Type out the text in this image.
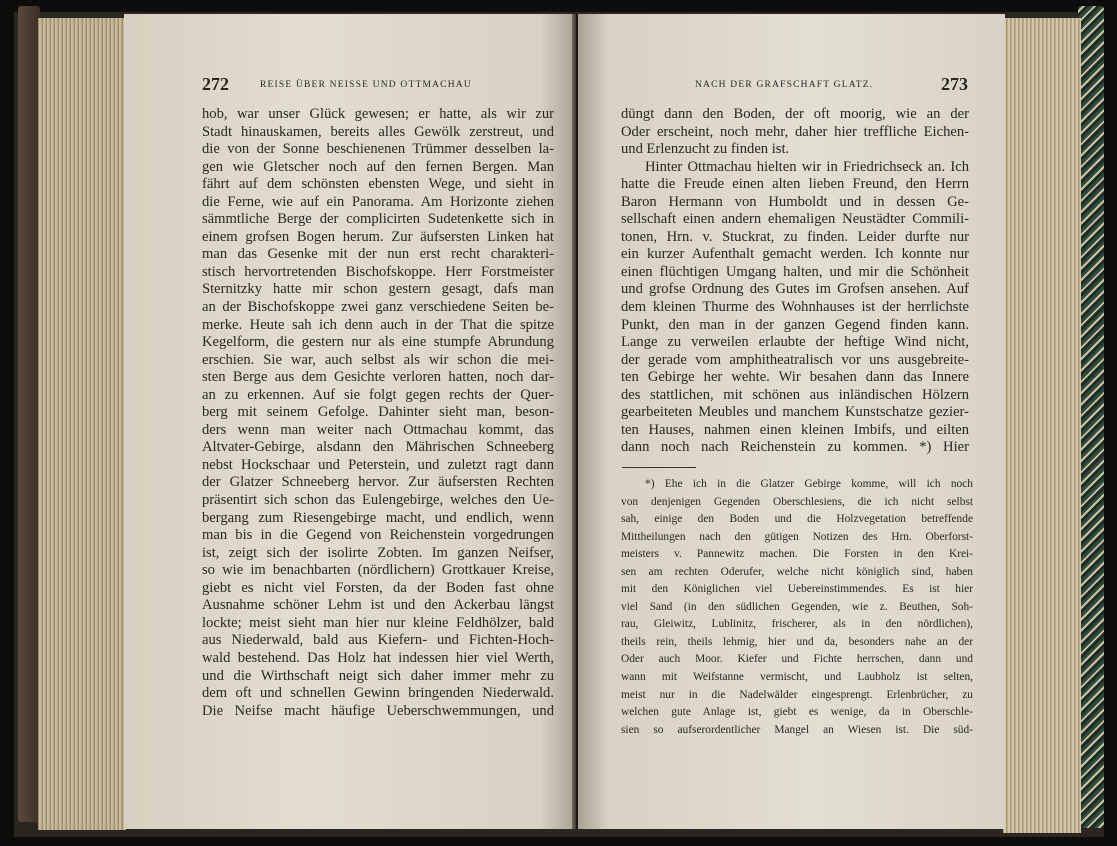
272	REISE ÜBER NEISSE UND OTTMACHAU
hob, war unser Glück gewesen; er hatte, als wir zur
Stadt hinauskamen, bereits alles Gewölk zerstreut, und
die von der Sonne beschienenen Trümmer desselben la-
gen wie Gletscher noch auf den fernen Bergen. Man
fährt auf dem schönsten ebensten Wege, und sieht in
die Ferne, wie auf ein Panorama. Am Horizonte ziehen
sämmtliche Berge der complicirten Sudetenkette sich in
einem grofsen Bogen herum. Zur äufsersten Linken hat
man das Gesenke mit der nun erst recht charakteri-
stisch hervortretenden Bischofskoppe. Herr Forstmeister
Sternitzky hatte mir schon gestern gesagt, dafs man
an der Bischofskoppe zwei ganz verschiedene Seiten be-
merke. Heute sah ich denn auch in der That die spitze
Kegelform, die gestern nur als eine stumpfe Abrundung
erschien. Sie war, auch selbst als wir schon die mei-
sten Berge aus dem Gesichte verloren hatten, noch dar-
an zu erkennen. Auf sie folgt gegen rechts der Quer-
berg mit seinem Gefolge. Dahinter sieht man, beson-
ders wenn man weiter nach Ottmachau kommt, das
Altvater-Gebirge, alsdann den Mährischen Schneeberg
nebst Hockschaar und Peterstein, und zuletzt ragt dann
der Glatzer Schneeberg hervor. Zur äufsersten Rechten
präsentirt sich schon das Eulengebirge, welches den Ue-
bergang zum Riesengebirge macht, und endlich, wenn
man bis in die Gegend von Reichenstein vorgedrungen
ist, zeigt sich der isolirte Zobten. Im ganzen Neifser,
so wie im benachbarten (nördlichern) Grottkauer Kreise,
giebt es nicht viel Forsten, da der Boden fast ohne
Ausnahme schöner Lehm ist und den Ackerbau längst
lockte; meist sieht man hier nur kleine Feldhölzer, bald
aus Niederwald, bald aus Kiefern- und Fichten-Hoch-
wald bestehend. Das Holz hat indessen hier viel Werth,
und die Wirthschaft neigt sich daher immer mehr zu
dem oft und schnellen Gewinn bringenden Niederwald.
Die Neifse macht häufige Ueberschwemmungen, und
NACH DER GRAFSCHAFT GLATZ.	273
düngt dann den Boden, der oft moorig, wie an der
Oder erscheint, noch mehr, daher hier treffliche Eichen-
und Erlenzucht zu finden ist.
Hinter Ottmachau hielten wir in Friedrichseck an. Ich
hatte die Freude einen alten lieben Freund, den Herrn
Baron Hermann von Humboldt und in dessen Ge-
sellschaft einen andern ehemaligen Neustädter Commili-
tonen, Hrn. v. Stuckrat, zu finden. Leider durfte nur
ein kurzer Aufenthalt gemacht werden. Ich konnte nur
einen flüchtigen Umgang halten, und mir die Schönheit
und grofse Ordnung des Gutes im Grofsen ansehen. Auf
dem kleinen Thurme des Wohnhauses ist der herrlichste
Punkt, den man in der ganzen Gegend finden kann.
Lange zu verweilen erlaubte der heftige Wind nicht,
der gerade vom amphitheatralisch vor uns ausgebreite-
ten Gebirge her wehte. Wir besahen dann das Innere
des stattlichen, mit schönen aus inländischen Hölzern
gearbeiteten Meubles und manchem Kunstschatze gezier-
ten Hauses, nahmen einen kleinen Imbifs, und eilten
dann noch nach Reichenstein zu kommen. *) Hier
*) Ehe ich in die Glatzer Gebirge komme, will ich noch
von denjenigen Gegenden Oberschlesiens, die ich nicht selbst
sah, einige den Boden und die Holzvegetation betreffende
Mittheilungen nach den gütigen Notizen des Hrn. Oberforst-
meisters v. Pannewitz machen. Die Forsten in den Krei-
sen am rechten Oderufer, welche nicht königlich sind, haben
mit den Königlichen viel Uebereinstimmendes. Es ist hier
viel Sand (in den südlichen Gegenden, wie z. Beuthen, Soh-
rau, Gleiwitz, Lublinitz, frischerer, als in den nördlichen),
theils rein, theils lehmig, hier und da, besonders nahe an der
Oder auch Moor. Kiefer und Fichte herrschen, dann und
wann mit Weifstanne vermischt, und Laubholz ist selten,
meist nur in die Nadelwälder eingesprengt. Erlenbrücher, zu
welchen gute Anlage ist, giebt es wenige, da in Oberschle-
sien so aufserordentlicher Mangel an Wiesen ist. Die süd-
